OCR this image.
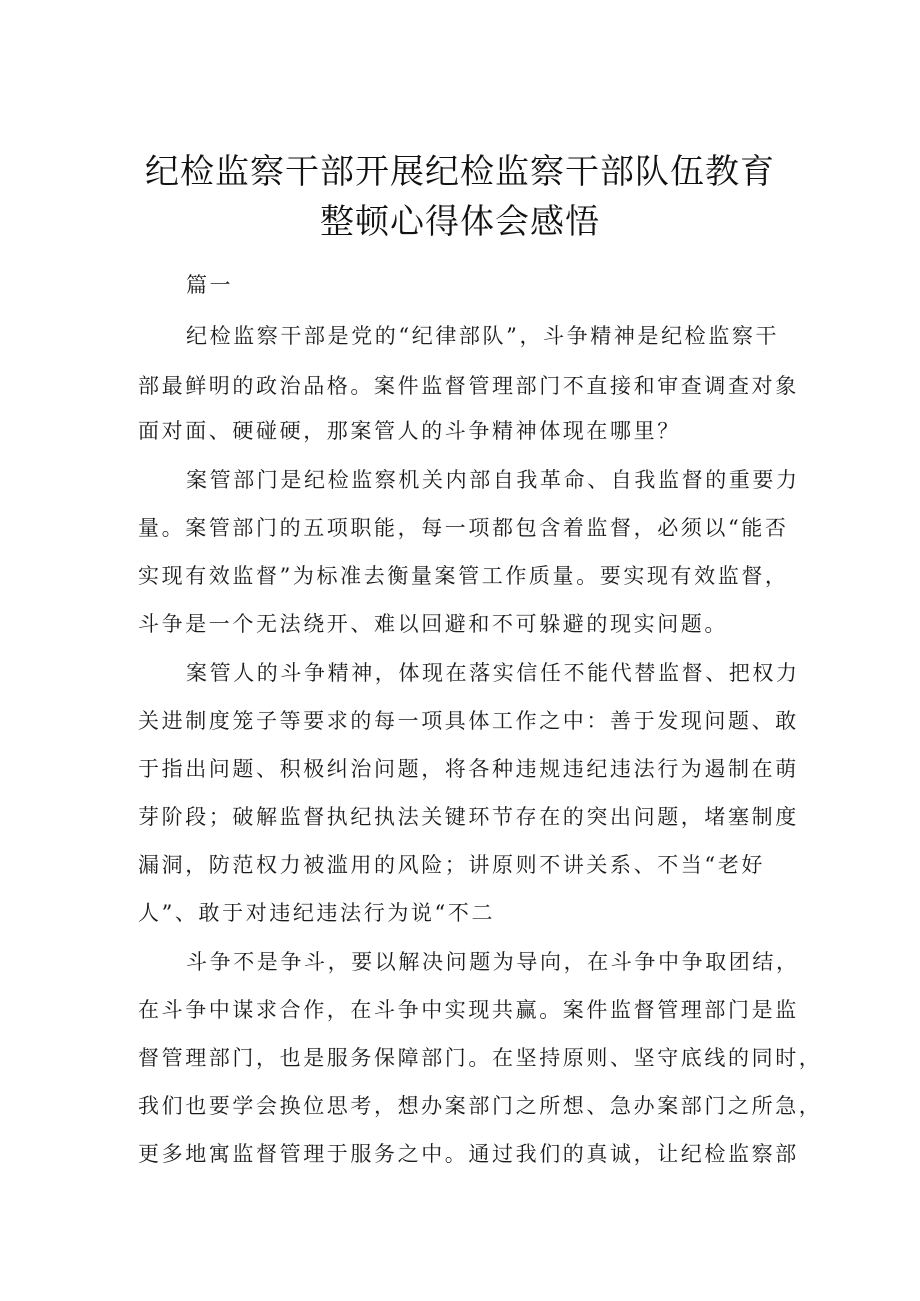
纪检监察干部开展纪检监察干部队伍教育
整顿心得体会感悟
篇一
纪检监察干部是党的“纪律部队”，斗争精神是纪检监察干
部最鲜明的政治品格。案件监督管理部门不直接和审查调查对象
面对面、硬碰硬，那案管人的斗争精神体现在哪里？
案管部门是纪检监察机关内部自我革命、自我监督的重要力
量。案管部门的五项职能，每一项都包含着监督，必须以“能否
实现有效监督”为标准去衡量案管工作质量。要实现有效监督，
斗争是一个无法绕开、难以回避和不可躲避的现实问题。
案管人的斗争精神，体现在落实信任不能代替监督、把权力
关进制度笼子等要求的每一项具体工作之中：善于发现问题、敢
于指出问题、积极纠治问题，将各种违规违纪违法行为遏制在萌
芽阶段；破解监督执纪执法关键环节存在的突出问题，堵塞制度
漏洞，防范权力被滥用的风险；讲原则不讲关系、不当“老好
人”、敢于对违纪违法行为说“不二
斗争不是争斗，要以解决问题为导向，在斗争中争取团结，
在斗争中谋求合作，在斗争中实现共赢。案件监督管理部门是监
督管理部门，也是服务保障部门。在坚持原则、坚守底线的同时，
我们也要学会换位思考，想办案部门之所想、急办案部门之所急，
更多地寓监督管理于服务之中。通过我们的真诚，让纪检监察部
